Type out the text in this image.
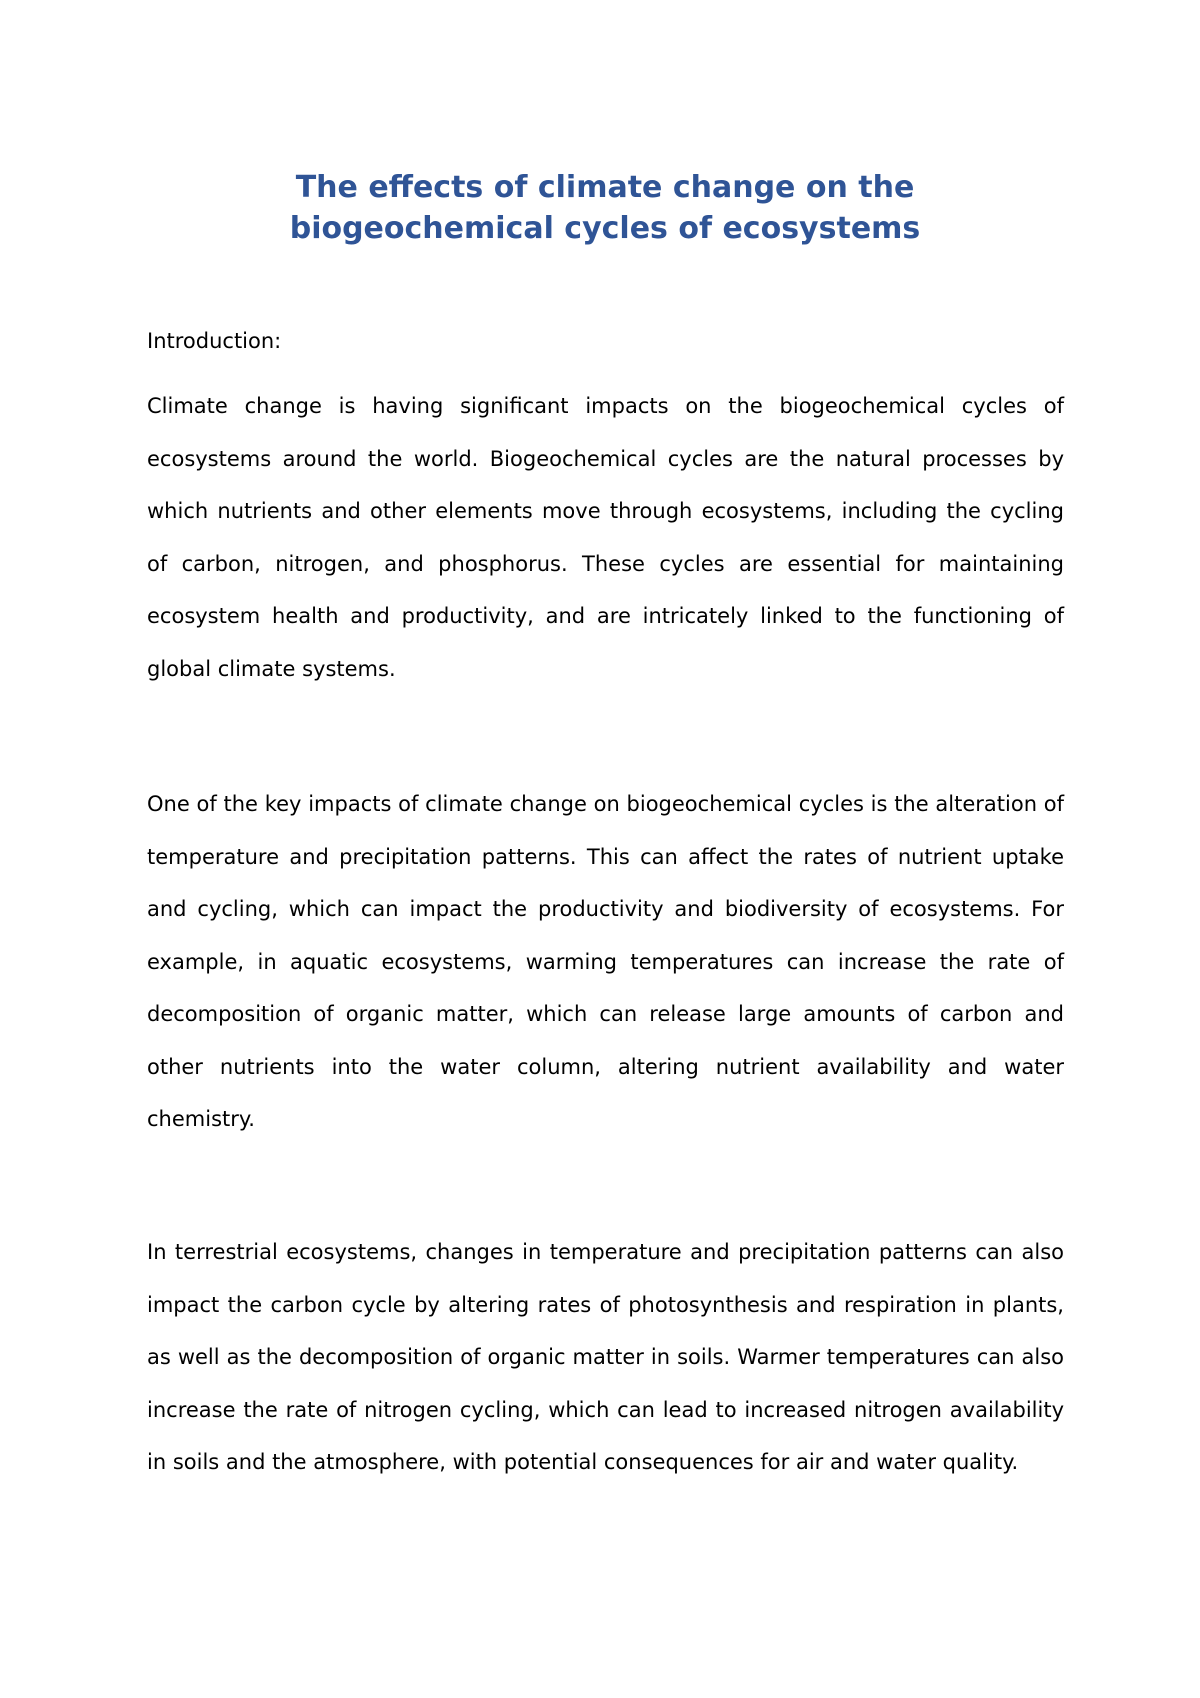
The effects of climate change on the
biogeochemical cycles of ecosystems

Introduction:

Climate change is having significant impacts on the biogeochemical cycles of ecosystems around the world. Biogeochemical cycles are the natural processes by which nutrients and other elements move through ecosystems, including the cycling of carbon, nitrogen, and phosphorus. These cycles are essential for maintaining ecosystem health and productivity, and are intricately linked to the functioning of global climate systems.

One of the key impacts of climate change on biogeochemical cycles is the alteration of temperature and precipitation patterns. This can affect the rates of nutrient uptake and cycling, which can impact the productivity and biodiversity of ecosystems. For example, in aquatic ecosystems, warming temperatures can increase the rate of decomposition of organic matter, which can release large amounts of carbon and other nutrients into the water column, altering nutrient availability and water chemistry.

In terrestrial ecosystems, changes in temperature and precipitation patterns can also impact the carbon cycle by altering rates of photosynthesis and respiration in plants, as well as the decomposition of organic matter in soils. Warmer temperatures can also increase the rate of nitrogen cycling, which can lead to increased nitrogen availability in soils and the atmosphere, with potential consequences for air and water quality.
